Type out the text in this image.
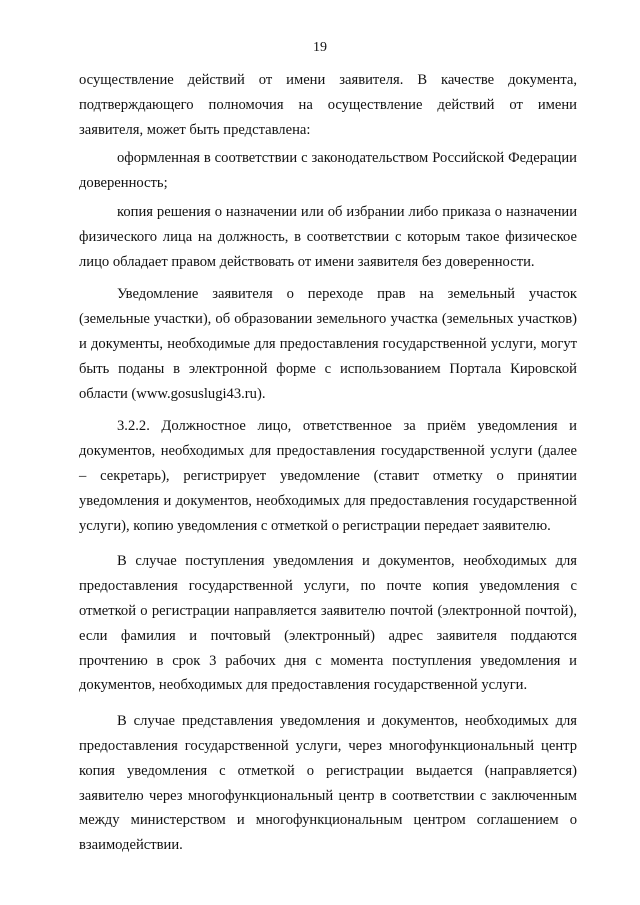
19

осуществление действий от имени заявителя. В качестве документа, подтверждающего полномочия на осуществление действий от имени заявителя, может быть представлена:

оформленная в соответствии с законодательством Российской Федерации доверенность;

копия решения о назначении или об избрании либо приказа о назначении физического лица на должность, в соответствии с которым такое физическое лицо обладает правом действовать от имени заявителя без доверенности.

Уведомление заявителя о переходе прав на земельный участок (земельные участки), об образовании земельного участка (земельных участков) и документы, необходимые для предоставления государственной услуги, могут быть поданы в электронной форме с использованием Портала Кировской области (www.gosuslugi43.ru).

3.2.2. Должностное лицо, ответственное за приём уведомления и документов, необходимых для предоставления государственной услуги (далее – секретарь), регистрирует уведомление (ставит отметку о принятии уведомления и документов, необходимых для предоставления государственной услуги), копию уведомления с отметкой о регистрации передает заявителю.

В случае поступления уведомления и документов, необходимых для предоставления государственной услуги, по почте копия уведомления с отметкой о регистрации направляется заявителю почтой (электронной почтой), если фамилия и почтовый (электронный) адрес заявителя поддаются прочтению в срок 3 рабочих дня с момента поступления уведомления и документов, необходимых для предоставления государственной услуги.

В случае представления уведомления и документов, необходимых для предоставления государственной услуги, через многофункциональный центр копия уведомления с отметкой о регистрации выдается (направляется) заявителю через многофункциональный центр в соответствии с заключенным между министерством и многофункциональным центром соглашением о взаимодействии.
